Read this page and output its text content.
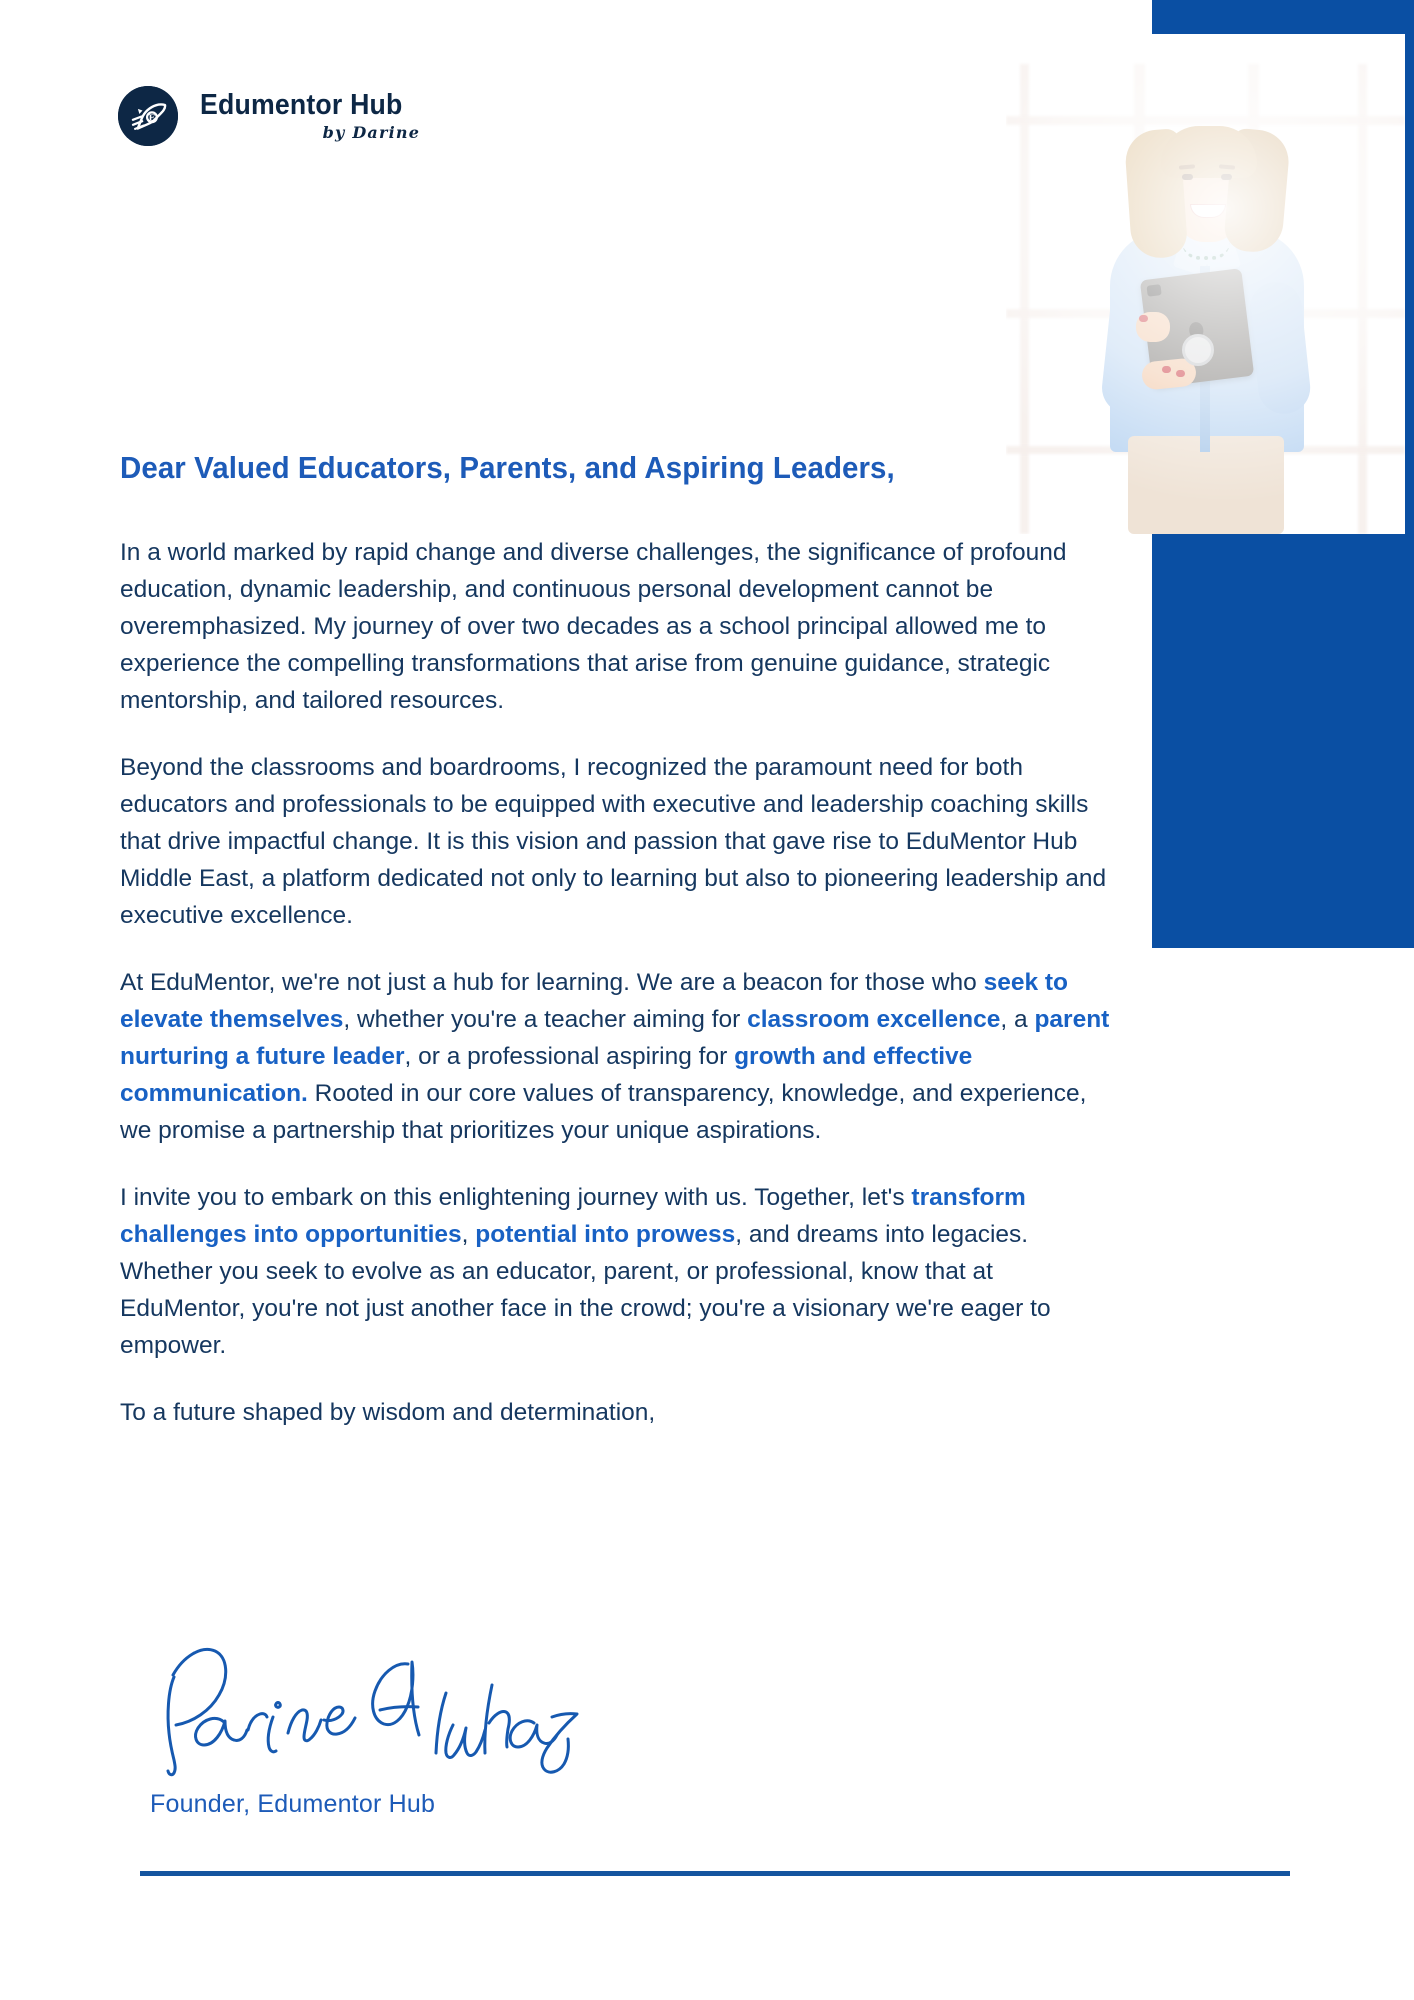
E Edumentor Hub
by Darine
Dear Valued Educators, Parents, and Aspiring Leaders,

In a world marked by rapid change and diverse challenges, the significance of profound education, dynamic leadership, and continuous personal development cannot be overemphasized. My journey of over two decades as a school principal allowed me to experience the compelling transformations that arise from genuine guidance, strategic mentorship, and tailored resources.

Beyond the classrooms and boardrooms, I recognized the paramount need for both educators and professionals to be equipped with executive and leadership coaching skills that drive impactful change. It is this vision and passion that gave rise to EduMentor Hub Middle East, a platform dedicated not only to learning but also to pioneering leadership and executive excellence.

At EduMentor, we're not just a hub for learning. We are a beacon for those who seek to elevate themselves, whether you're a teacher aiming for classroom excellence, a parent nurturing a future leader, or a professional aspiring for growth and effective communication. Rooted in our core values of transparency, knowledge, and experience, we promise a partnership that prioritizes your unique aspirations.

I invite you to embark on this enlightening journey with us. Together, let's transform challenges into opportunities, potential into prowess, and dreams into legacies. Whether you seek to evolve as an educator, parent, or professional, know that at EduMentor, you're not just another face in the crowd; you're a visionary we're eager to empower.

To a future shaped by wisdom and determination,

Founder, Edumentor Hub
